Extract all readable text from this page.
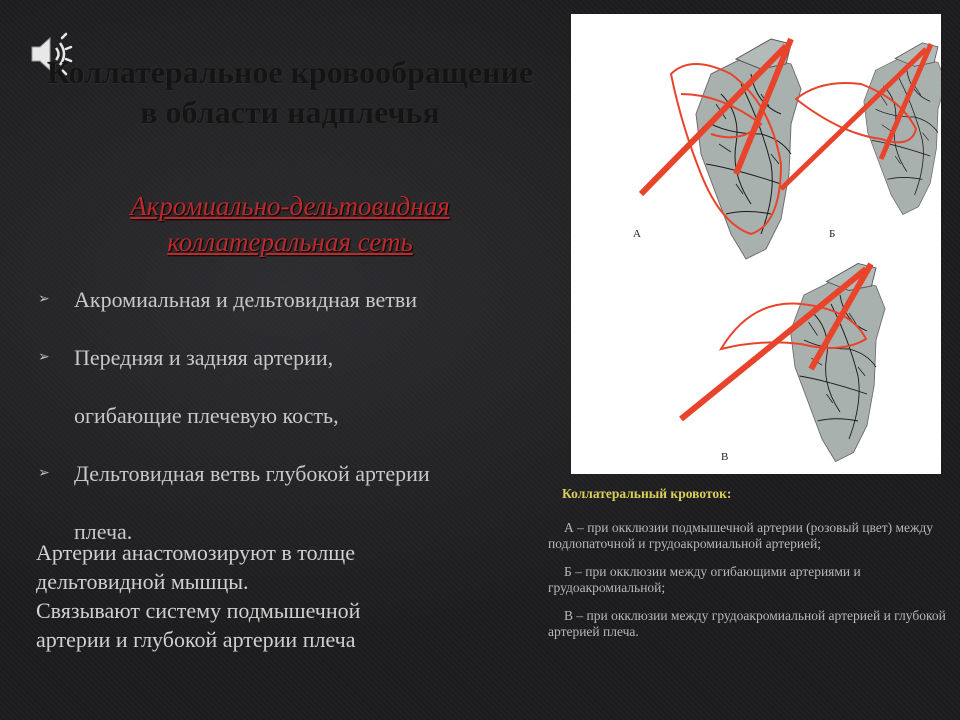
Коллатеральное кровообращение
в области надплечья
Акромиально-дельтовидная
коллатеральная сеть
➢ Акромиальная и дельтовидная ветви
➢ Передняя и задняя артерии,
огибающие плечевую кость,
➢ Дельтовидная ветвь глубокой артерии
плеча.
Артерии анастомозируют в толще
дельтовидной мышцы.
Связывают систему подмышечной
артерии и глубокой артерии плеча
А	Б
В
Коллатеральный кровоток:
А – при окклюзии подмышечной артерии (розовый цвет) между подлопаточной и грудоакромиальной артерией;
Б – при окклюзии между огибающими артериями и грудоакромиальной;
В – при окклюзии между грудоакромиальной артерией и глубокой артерией плеча.
